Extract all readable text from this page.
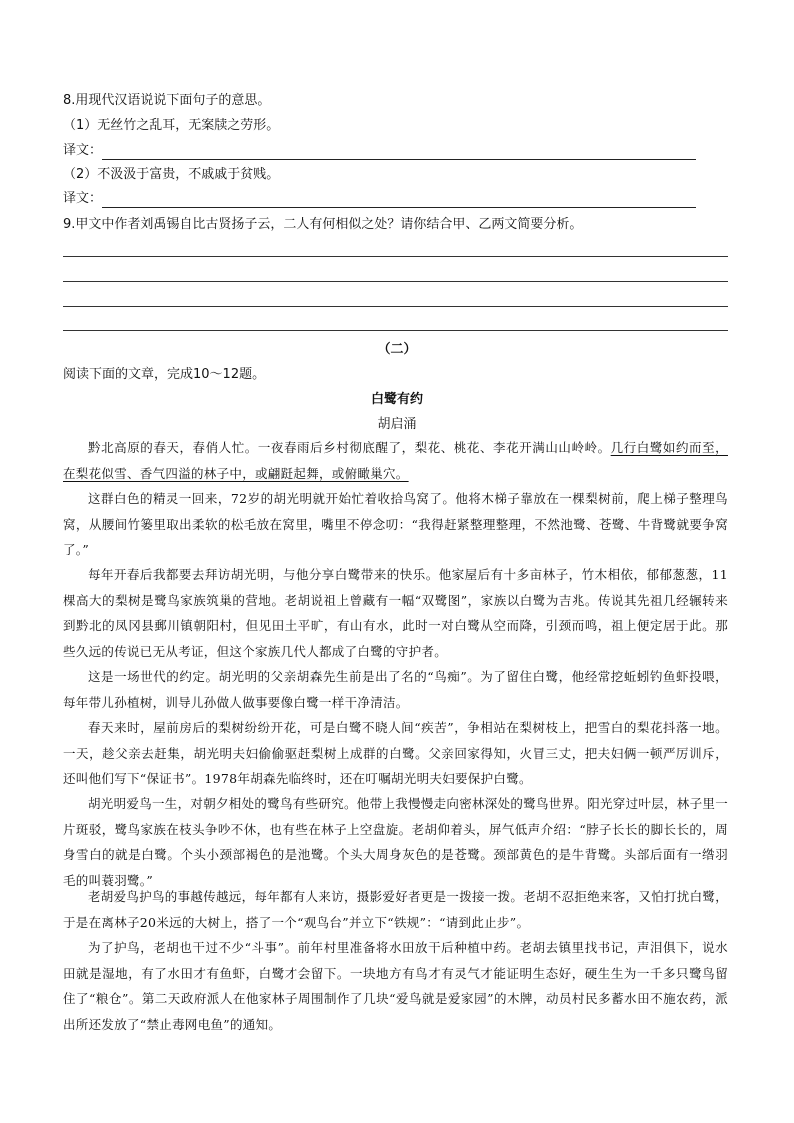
8.用现代汉语说说下面句子的意思。
（1）无丝竹之乱耳，无案牍之劳形。
译文：
（2）不汲汲于富贵，不戚戚于贫贱。
译文：
9.甲文中作者刘禹锡自比古贤扬子云，二人有何相似之处？请你结合甲、乙两文简要分析。
（二）
阅读下面的文章，完成10～12题。
白鹭有约
胡启涌
黔北高原的春天，春俏人忙。一夜春雨后乡村彻底醒了，梨花、桃花、李花开满山山岭岭。几行白鹭如约而至，在梨花似雪、香气四溢的林子中，或翩跹起舞，或俯瞰巢穴。
这群白色的精灵一回来，72岁的胡光明就开始忙着收拾鸟窝了。他将木梯子靠放在一棵梨树前，爬上梯子整理鸟窝，从腰间竹篓里取出柔软的松毛放在窝里，嘴里不停念叨：“我得赶紧整理整理，不然池鹭、苍鹭、牛背鹭就要争窝了。”
每年开春后我都要去拜访胡光明，与他分享白鹭带来的快乐。他家屋后有十多亩林子，竹木相依，郁郁葱葱，11棵高大的梨树是鹭鸟家族筑巢的营地。老胡说祖上曾藏有一幅“双鹭图”，家族以白鹭为吉兆。传说其先祖几经辗转来到黔北的凤冈县郵川镇朝阳村，但见田土平旷，有山有水，此时一对白鹭从空而降，引颈而鸣，祖上便定居于此。那些久远的传说已无从考证，但这个家族几代人都成了白鹭的守护者。
这是一场世代的约定。胡光明的父亲胡森先生前是出了名的“鸟痴”。为了留住白鹭，他经常挖蚯蚓钓鱼虾投喂，每年带儿孙植树，训导儿孙做人做事要像白鹭一样干净清洁。
春天来时，屋前房后的梨树纷纷开花，可是白鹭不晓人间“疾苦”，争相站在梨树枝上，把雪白的梨花抖落一地。一天，趁父亲去赶集，胡光明夫妇偷偷驱赶梨树上成群的白鹭。父亲回家得知，火冒三丈，把夫妇俩一顿严厉训斥，还叫他们写下“保证书”。1978年胡森先临终时，还在叮嘱胡光明夫妇要保护白鹭。
胡光明爱鸟一生，对朝夕相处的鹭鸟有些研究。他带上我慢慢走向密林深处的鹭鸟世界。阳光穿过叶层，林子里一片斑驳，鹭鸟家族在枝头争吵不休，也有些在林子上空盘旋。老胡仰着头，屏气低声介绍：“脖子长长的脚长长的，周身雪白的就是白鹭。个头小颈部褐色的是池鹭。个头大周身灰色的是苍鹭。颈部黄色的是牛背鹭。头部后面有一绺羽毛的叫蓑羽鹭。”
老胡爱鸟护鸟的事越传越远，每年都有人来访，摄影爱好者更是一拨接一拨。老胡不忍拒绝来客，又怕打扰白鹭，于是在离林子20米远的大树上，搭了一个“观鸟台”并立下“铁规”：“请到此止步”。
为了护鸟，老胡也干过不少“斗事”。前年村里准备将水田放干后种植中药。老胡去镇里找书记，声泪俱下，说水田就是湿地，有了水田才有鱼虾，白鹭才会留下。一块地方有鸟才有灵气才能证明生态好，硬生生为一千多只鹭鸟留住了“粮仓”。第二天政府派人在他家林子周围制作了几块“爱鸟就是爱家园”的木牌，动员村民多蓄水田不施农药，派出所还发放了“禁止毒网电鱼”的通知。
